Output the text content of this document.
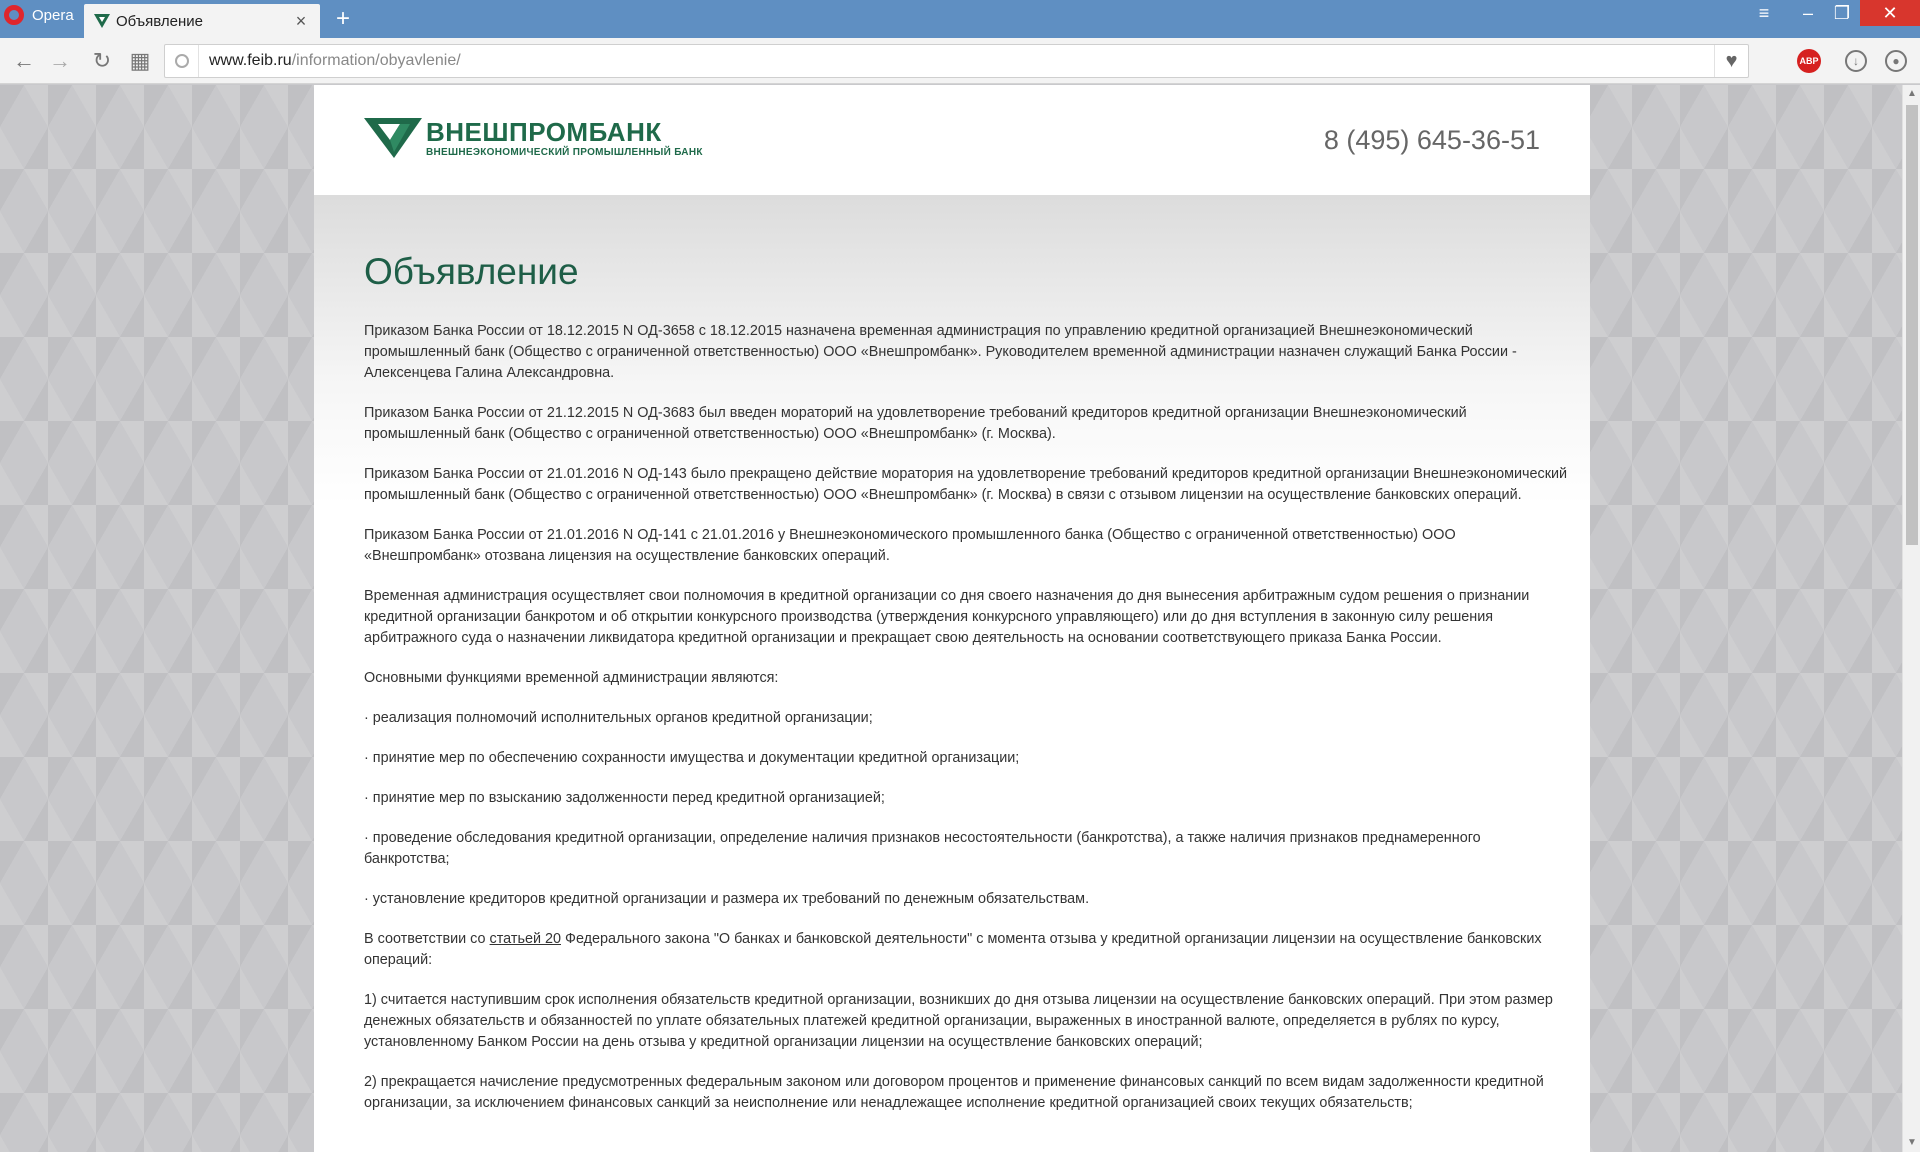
Opera	Объявление	× +	≡	–	❐	✕
← → ↻ ▦	www.feib.ru/information/obyavlenie/	♥	ABP	↓	●
ВНЕШПРОМБАНК
ВНЕШНЕЭКОНОМИЧЕСКИЙ ПРОМЫШЛЕННЫЙ БАНК	8 (495) 645-36-51
Объявление

Приказом Банка России от 18.12.2015 N ОД-3658 с 18.12.2015 назначена временная администрация по управлению кредитной организацией Внешнеэкономический промышленный банк (Общество с ограниченной ответственностью) ООО «Внешпромбанк». Руководителем временной администрации назначен служащий Банка России - Алексенцева Галина Александровна.

Приказом Банка России от 21.12.2015 N ОД-3683 был введен мораторий на удовлетворение требований кредиторов кредитной организации Внешнеэкономический промышленный банк (Общество с ограниченной ответственностью) ООО «Внешпромбанк» (г. Москва).

Приказом Банка России от 21.01.2016 N ОД-143 было прекращено действие моратория на удовлетворение требований кредиторов кредитной организации Внешнеэкономический промышленный банк (Общество с ограниченной ответственностью) ООО «Внешпромбанк» (г. Москва) в связи с отзывом лицензии на осуществление банковских операций.

Приказом Банка России от 21.01.2016 N ОД-141 с 21.01.2016 у Внешнеэкономического промышленного банка (Общество с ограниченной ответственностью) ООО «Внешпромбанк» отозвана лицензия на осуществление банковских операций.

Временная администрация осуществляет свои полномочия в кредитной организации со дня своего назначения до дня вынесения арбитражным судом решения о признании кредитной организации банкротом и об открытии конкурсного производства (утверждения конкурсного управляющего) или до дня вступления в законную силу решения арбитражного суда о назначении ликвидатора кредитной организации и прекращает свою деятельность на основании соответствующего приказа Банка России.

Основными функциями временной администрации являются:

· реализация полномочий исполнительных органов кредитной организации;

· принятие мер по обеспечению сохранности имущества и документации кредитной организации;

· принятие мер по взысканию задолженности перед кредитной организацией;

· проведение обследования кредитной организации, определение наличия признаков несостоятельности (банкротства), а также наличия признаков преднамеренного банкротства;

· установление кредиторов кредитной организации и размера их требований по денежным обязательствам.

В соответствии со статьей 20 Федерального закона "О банках и банковской деятельности" с момента отзыва у кредитной организации лицензии на осуществление банковских операций:

1) считается наступившим срок исполнения обязательств кредитной организации, возникших до дня отзыва лицензии на осуществление банковских операций. При этом размер денежных обязательств и обязанностей по уплате обязательных платежей кредитной организации, выраженных в иностранной валюте, определяется в рублях по курсу, установленному Банком России на день отзыва у кредитной организации лицензии на осуществление банковских операций;

2) прекращается начисление предусмотренных федеральным законом или договором процентов и применение финансовых санкций по всем видам задолженности кредитной организации, за исключением финансовых санкций за неисполнение или ненадлежащее исполнение кредитной организацией своих текущих обязательств;

▲
▼
